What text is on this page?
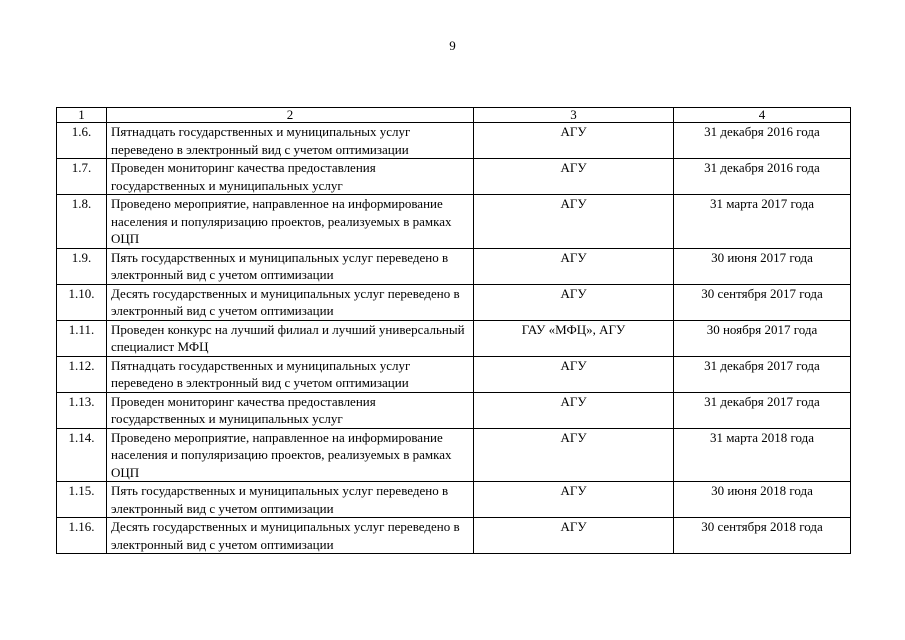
9
1	2	3	4
1.6.	Пятнадцать государственных и муниципальных услуг переведено в электронный вид с учетом оптимизации	АГУ	31 декабря 2016 года
1.7.	Проведен мониторинг качества предоставления государственных и муниципальных услуг	АГУ	31 декабря 2016 года
1.8.	Проведено мероприятие, направленное на информирование населения и популяризацию проектов, реализуемых в рамках ОЦП	АГУ	31 марта 2017 года
1.9.	Пять государственных и муниципальных услуг переведено в электронный вид с учетом оптимизации	АГУ	30 июня 2017 года
1.10.	Десять государственных и муниципальных услуг переведено в электронный вид с учетом оптимизации	АГУ	30 сентября 2017 года
1.11.	Проведен конкурс на лучший филиал и лучший универсальный специалист МФЦ	ГАУ «МФЦ», АГУ	30 ноября 2017 года
1.12.	Пятнадцать государственных и муниципальных услуг переведено в электронный вид с учетом оптимизации	АГУ	31 декабря 2017 года
1.13.	Проведен мониторинг качества предоставления государственных и муниципальных услуг	АГУ	31 декабря 2017 года
1.14.	Проведено мероприятие, направленное на информирование населения и популяризацию проектов, реализуемых в рамках ОЦП	АГУ	31 марта 2018 года
1.15.	Пять государственных и муниципальных услуг переведено в электронный вид с учетом оптимизации	АГУ	30 июня 2018 года
1.16.	Десять государственных и муниципальных услуг переведено в электронный вид с учетом оптимизации	АГУ	30 сентября 2018 года
